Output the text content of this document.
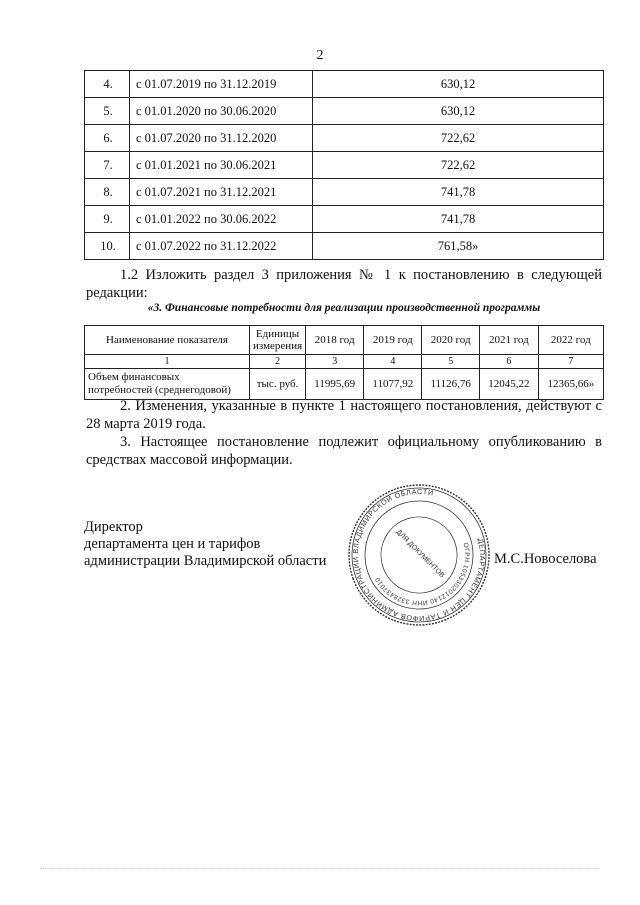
2
4.	с 01.07.2019 по 31.12.2019	630,12
5.	с 01.01.2020 по 30.06.2020	630,12
6.	с 01.07.2020 по 31.12.2020	722,62
7.	с 01.01.2021 по 30.06.2021	722,62
8.	с 01.07.2021 по 31.12.2021	741,78
9.	с 01.01.2022 по 30.06.2022	741,78
10.	с 01.07.2022 по 31.12.2022	761,58»
1.2 Изложить раздел 3 приложения № 1 к постановлению в следующей редакции:
«3. Финансовые потребности для реализации производственной программы
Наименование показателя	Единицы измерения	2018 год	2019 год	2020 год	2021 год	2022 год
1	2	3	4	5	6	7
Объем финансовых потребностей (среднегодовой)	тыс. руб.	11995,69	11077,92	11126,76	12045,22	12365,66»
2. Изменения, указанные в пункте 1 настоящего постановления, действуют с 28 марта 2019 года.
3. Настоящее постановление подлежит официальному опубликованию в средствах массовой информации.
Директор
департамента цен и тарифов
администрации Владимирской области	М.С.Новоселова
ДЕПАРТАМЕНТ ЦЕН И ТАРИФОВ АДМИНИСТРАЦИИ ВЛАДИМИРСКОЙ ОБЛАСТИ
ОГРН 1053302012140 ИНН 3328437010
ДЛЯ ДОКУМЕНТОВ
